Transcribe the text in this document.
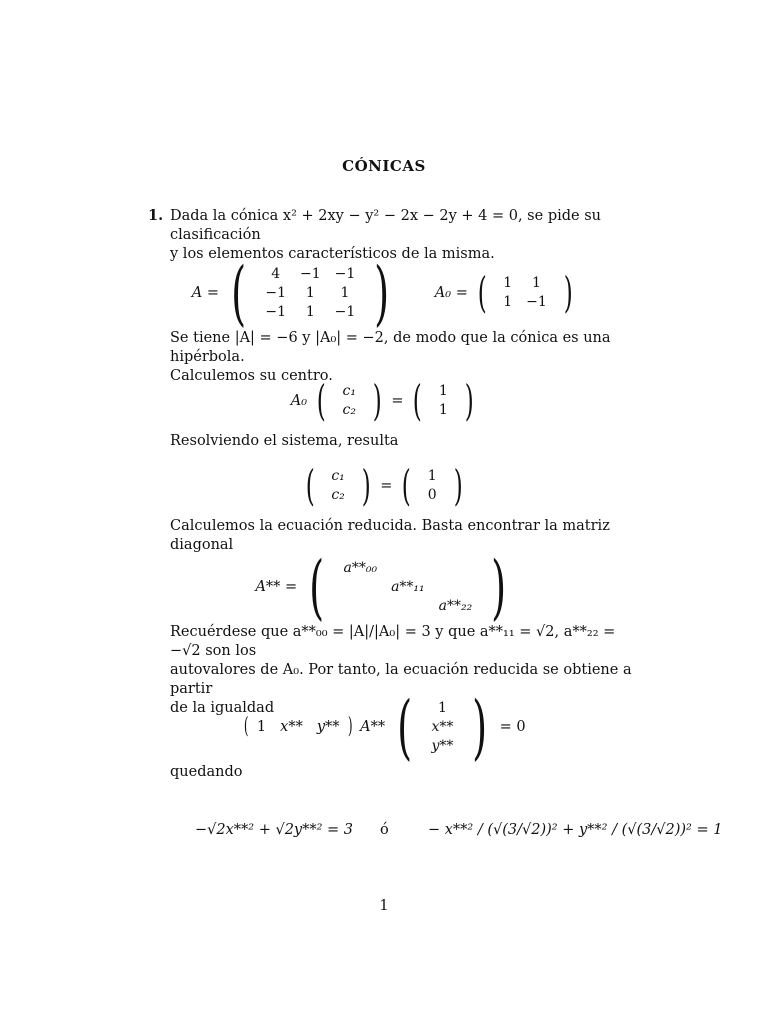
CÓNICAS
1. Dada la cónica x² + 2xy − y² − 2x − 2y + 4 = 0, se pide su clasificación
y los elementos característicos de la misma.
A = ( 4	−1	−1
−1	1	1
−1	1	−1 )
	A₀ = ( 1	1
1	−1 )
Se tiene |A| = −6 y |A₀| = −2, de modo que la cónica es una hipérbola.
Calculemos su centro.
A₀ ( c₁
c₂ ) = ( 1
1 )
Resolviendo el sistema, resulta
( c₁
c₂ ) = ( 1
0 )
Calculemos la ecuación reducida. Basta encontrar la matriz diagonal
A** = ( a**₀₀		
	a**₁₁	
		a**₂₂ )
Recuérdese que a**₀₀ = |A|/|A₀| = 3 y que a**₁₁ = √2, a**₂₂ = −√2 son los
autovalores de A₀. Por tanto, la ecuación reducida se obtiene a partir
de la igualdad
( 1 x** y** ) A** ( 1
x**
y** ) = 0
quedando
−√2x**² + √2y**² = 3 ó	− x**² / (√(3/√2))² + y**² / (√(3/√2))² = 1
1
